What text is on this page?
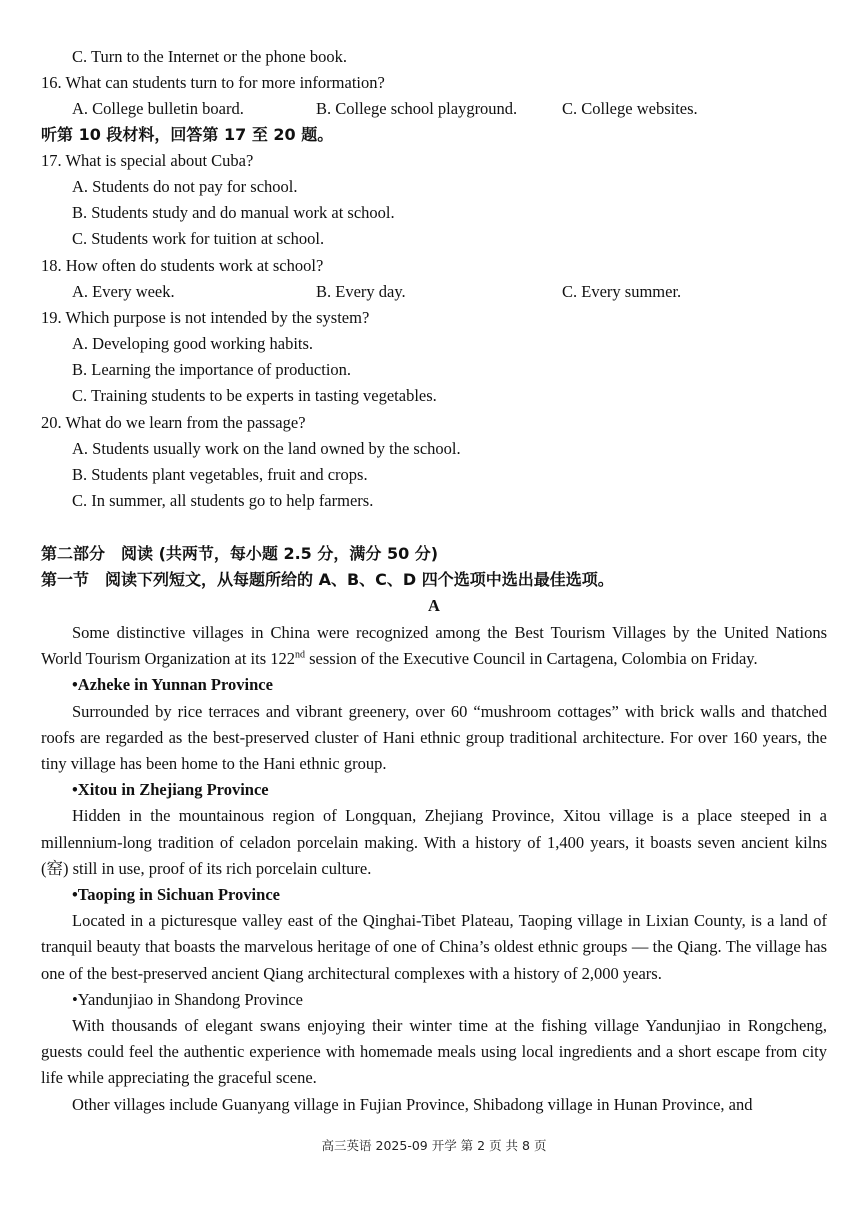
C. Turn to the Internet or the phone book.
16. What can students turn to for more information?
A. College bulletin board.	B. College school playground.	C. College websites.
听第 10 段材料，回答第 17 至 20 题。
17. What is special about Cuba?
A. Students do not pay for school.
B. Students study and do manual work at school.
C. Students work for tuition at school.
18. How often do students work at school?
A. Every week.	B. Every day.	C. Every summer.
19. Which purpose is not intended by the system?
A. Developing good working habits.
B. Learning the importance of production.
C. Training students to be experts in tasting vegetables.
20. What do we learn from the passage?
A. Students usually work on the land owned by the school.
B. Students plant vegetables, fruit and crops.
C. In summer, all students go to help farmers.
第二部分　阅读 (共两节，每小题 2.5 分，满分 50 分)
第一节　阅读下列短文，从每题所给的 A、B、C、D 四个选项中选出最佳选项。
A

Some distinctive villages in China were recognized among the Best Tourism Villages by the United Nations World Tourism Organization at its 122nd session of the Executive Council in Cartagena, Colombia on Friday.

•Azheke in Yunnan Province

Surrounded by rice terraces and vibrant greenery, over 60 “mushroom cottages” with brick walls and thatched roofs are regarded as the best-preserved cluster of Hani ethnic group traditional architecture. For over 160 years, the tiny village has been home to the Hani ethnic group.

•Xitou in Zhejiang Province

Hidden in the mountainous region of Longquan, Zhejiang Province, Xitou village is a place steeped in a millennium-long tradition of celadon porcelain making. With a history of 1,400 years, it boasts seven ancient kilns (窑) still in use, proof of its rich porcelain culture.

•Taoping in Sichuan Province

Located in a picturesque valley east of the Qinghai-Tibet Plateau, Taoping village in Lixian County, is a land of tranquil beauty that boasts the marvelous heritage of one of China’s oldest ethnic groups — the Qiang. The village has one of the best-preserved ancient Qiang architectural complexes with a history of 2,000 years.

•Yandunjiao in Shandong Province

With thousands of elegant swans enjoying their winter time at the fishing village Yandunjiao in Rongcheng, guests could feel the authentic experience with homemade meals using local ingredients and a short escape from city life while appreciating the graceful scene.

Other villages include Guanyang village in Fujian Province, Shibadong village in Hunan Province, and

高三英语 2025-09 开学 第 2 页 共 8 页
